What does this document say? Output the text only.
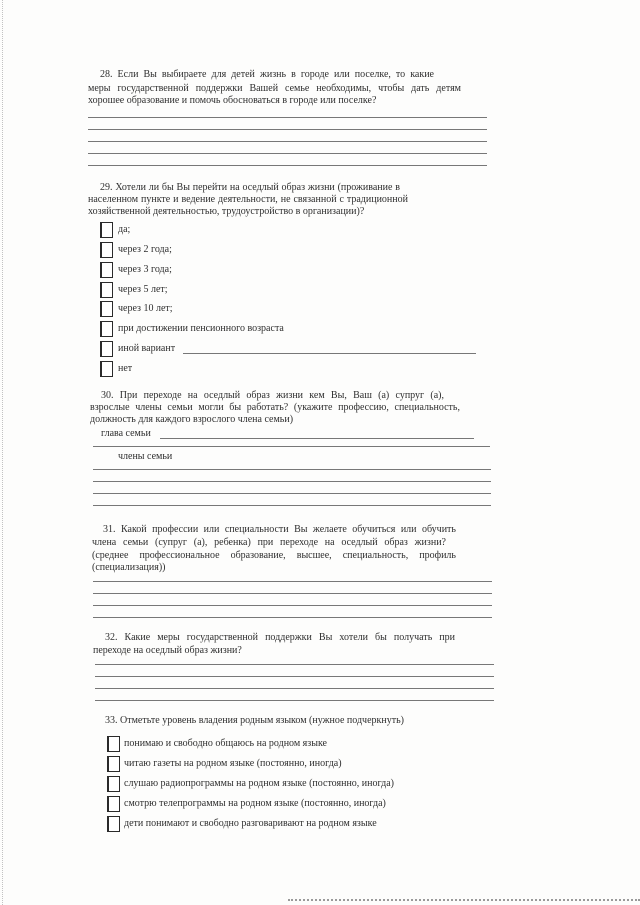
28. Если Вы выбираете для детей жизнь в городе или поселке, то какие
меры государственной поддержки Вашей семье необходимы, чтобы дать детям
хорошее образование и помочь обосноваться в городе или поселке?
29. Хотели ли бы Вы перейти на оседлый образ жизни (проживание в
населенном пункте и ведение деятельности, не связанной с традиционной
хозяйственной деятельностью, трудоустройство в организации)?
да;
через 2 года;
через 3 года;
через 5 лет;
через 10 лет;
при достижении пенсионного возраста
иной вариант
нет
30. При переходе на оседлый образ жизни кем Вы, Ваш (а) супруг (а),
взрослые члены семьи могли бы работать? (укажите профессию, специальность,
должность для каждого взрослого члена семьи)
глава семьи
члены семьи
31. Какой профессии или специальности Вы желаете обучиться или обучить
члена семьи (супруг (а), ребенка) при переходе на оседлый образ жизни?
(среднее профессиональное образование, высшее, специальность, профиль
(специализация))
32. Какие меры государственной поддержки Вы хотели бы получать при
переходе на оседлый образ жизни?
33. Отметьте уровень владения родным языком (нужное подчеркнуть)
понимаю и свободно общаюсь на родном языке
читаю газеты на родном языке (постоянно, иногда)
слушаю радиопрограммы на родном языке (постоянно, иногда)
смотрю телепрограммы на родном языке (постоянно, иногда)
дети понимают и свободно разговаривают на родном языке
